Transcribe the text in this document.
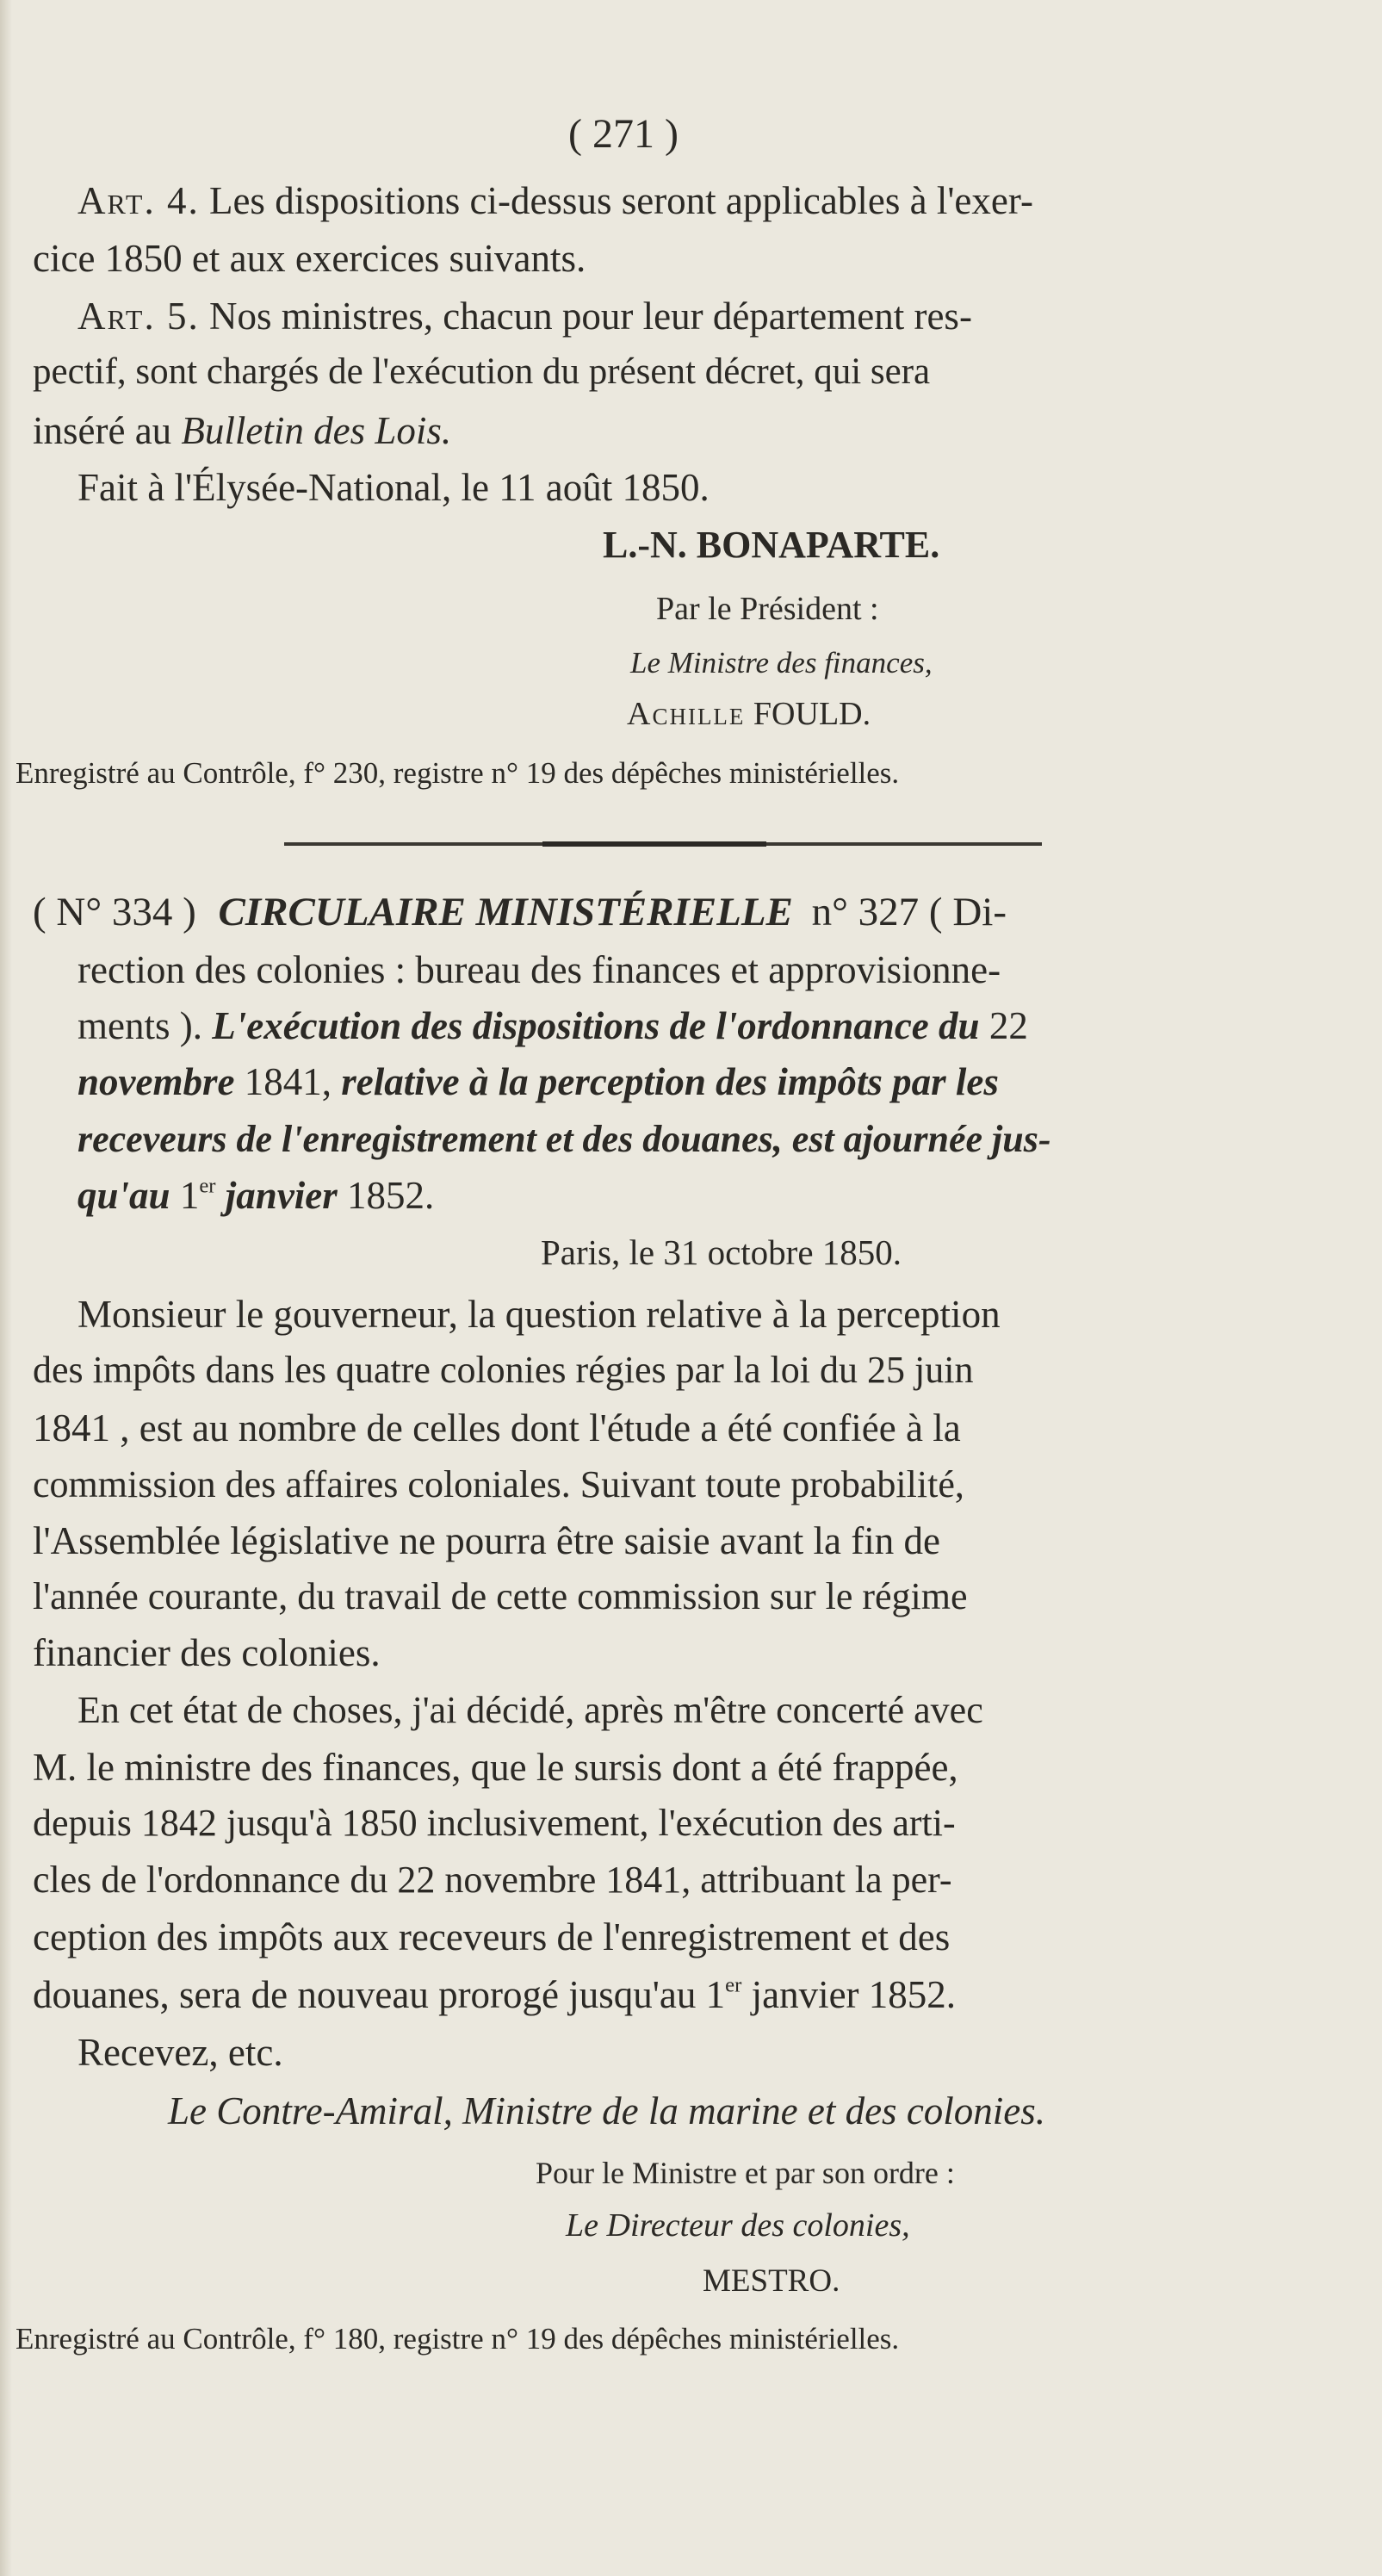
( 271 )
Art. 4. Les dispositions ci-dessus seront applicables à l'exer-
cice 1850 et aux exercices suivants.
Art. 5. Nos ministres, chacun pour leur département res-
pectif, sont chargés de l'exécution du présent décret, qui sera
inséré au Bulletin des Lois.
Fait à l'Élysée-National, le 11 août 1850.
L.-N. BONAPARTE.
Par le Président :
Le Ministre des finances,
Achille FOULD.
Enregistré au Contrôle, f° 230, registre n° 19 des dépêches ministérielles.
( N° 334 ) CIRCULAIRE MINISTÉRIELLE n° 327 ( Di-
rection des colonies : bureau des finances et approvisionne-
ments ). L'exécution des dispositions de l'ordonnance du 22
novembre 1841, relative à la perception des impôts par les
receveurs de l'enregistrement et des douanes, est ajournée jus-
qu'au 1er janvier 1852.
Paris, le 31 octobre 1850.
Monsieur le gouverneur, la question relative à la perception
des impôts dans les quatre colonies régies par la loi du 25 juin
1841 , est au nombre de celles dont l'étude a été confiée à la
commission des affaires coloniales. Suivant toute probabilité,
l'Assemblée législative ne pourra être saisie avant la fin de
l'année courante, du travail de cette commission sur le régime
financier des colonies.
En cet état de choses, j'ai décidé, après m'être concerté avec
M. le ministre des finances, que le sursis dont a été frappée,
depuis 1842 jusqu'à 1850 inclusivement, l'exécution des arti-
cles de l'ordonnance du 22 novembre 1841, attribuant la per-
ception des impôts aux receveurs de l'enregistrement et des
douanes, sera de nouveau prorogé jusqu'au 1er janvier 1852.
Recevez, etc.
Le Contre-Amiral, Ministre de la marine et des colonies.
Pour le Ministre et par son ordre :
Le Directeur des colonies,
MESTRO.
Enregistré au Contrôle, f° 180, registre n° 19 des dépêches ministérielles.
